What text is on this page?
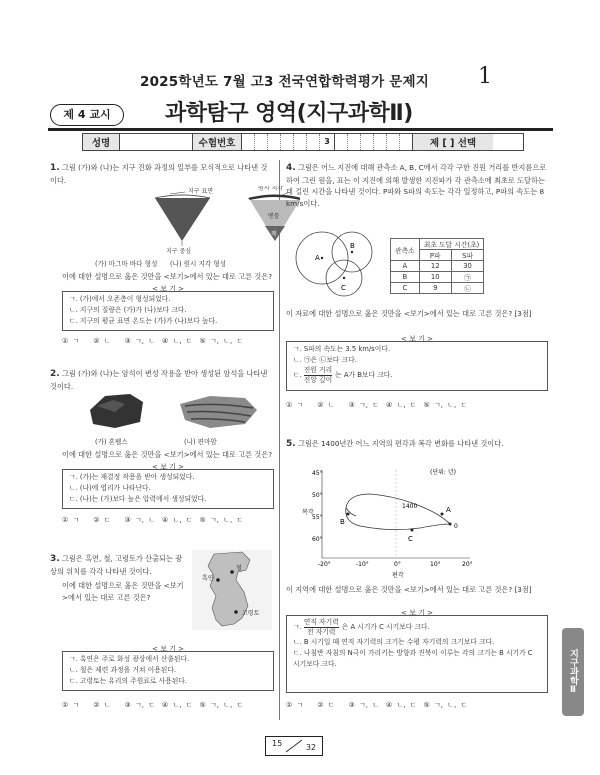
2025학년도 7월 고3 전국연합학력평가 문제지 1
제 4 교시	과학탐구 영역(지구과학Ⅱ)
성명	수험번호	3	제 [ ] 선택
1. 그림 (가)와 (나)는 지구 진화 과정의 일부를 모식적으로 나타낸 것이다.
지구 표면	원시 지각
맨틀
핵
지구 중심
(가) 마그마 바다 형성 (나) 원시 지각 형성
이에 대한 설명으로 옳은 것만을 <보기>에서 있는 대로 고른 것은?
< 보 기 >
ㄱ. (가)에서 오존층이 형성되었다.
ㄴ. 지구의 질량은 (가)가 (나)보다 크다.
ㄷ. 지구의 평균 표면 온도는 (가)가 (나)보다 높다.
① ㄱ　　② ㄴ　　③ ㄱ, ㄴ　④ ㄴ, ㄷ　⑤ ㄱ, ㄴ, ㄷ
2. 그림 (가)와 (나)는 암석이 변성 작용을 받아 생성된 암석을 나타낸 것이다.
(가) 혼펠스	(나) 편마암
이에 대한 설명으로 옳은 것만을 <보기>에서 있는 대로 고른 것은?
< 보 기 >
ㄱ. (가)는 재결정 작용을 받아 생성되었다.
ㄴ. (나)에 엽리가 나타난다.
ㄷ. (나)는 (가)보다 높은 압력에서 생성되었다.
① ㄱ　　② ㄷ　　③ ㄱ, ㄴ　④ ㄴ, ㄷ　⑤ ㄱ, ㄴ, ㄷ
3. 그림은 흑연, 철, 고령토가 산출되는 광상의 위치를 각각 나타낸 것이다.
이에 대한 설명으로 옳은 것만을 <보기>에서 있는 대로 고른 것은?
철
흑연
고령토
< 보 기 >
ㄱ. 흑연은 주로 화성 광상에서 산출된다.
ㄴ. 철은 제련 과정을 거쳐 이용된다.
ㄷ. 고령토는 유리의 주원료로 사용된다.
① ㄱ　　② ㄴ　　③ ㄱ, ㄷ　④ ㄴ, ㄷ　⑤ ㄱ, ㄴ, ㄷ
4. 그림은 어느 지진에 대해 관측소 A, B, C에서 각각 구한 진원 거리를 반지름으로 하여 그린 원을, 표는 이 지진에 의해 발생한 지진파가 각 관측소에 최초로 도달하는 데 걸린 시간을 나타낸 것이다. P파와 S파의 속도는 각각 일정하고, P파의 속도는 8 km/s이다.
A
B
C
관측소	최초 도달 시간(초)	
	P파	S파
A	12	30
B	10	㉠
C	9	㉡
이 자료에 대한 설명으로 옳은 것만을 <보기>에서 있는 대로 고른 것은? [3점]
< 보 기 >
ㄱ. S파의 속도는 3.5 km/s이다.
ㄴ. ㉠은 ㉡보다 크다.
ㄷ.
진원 거리
진앙 깊이
는 A가 B보다 크다.
① ㄱ　　② ㄴ　　③ ㄱ, ㄷ　④ ㄴ, ㄷ　⑤ ㄱ, ㄴ, ㄷ
5. 그림은 1400년간 어느 지역의 편각과 복각 변화를 나타낸 것이다.
(단위: 년)
45°
50°
55°
60°
복각
-20°	-10°	0°	10°	20°
편각
A
B
C
1400
0
이 지역에 대한 설명으로 옳은 것만을 <보기>에서 있는 대로 고른 것은? [3점]
< 보 기 >
ㄱ.
연직 자기력
전 자기력
은 A 시기가 C 시기보다 크다.
ㄴ. B 시기일 때 연직 자기력의 크기는 수평 자기력의 크기보다 크다.
ㄷ. 나침반 자침의 N극이 가리키는 방향과 진북이 이루는 각의 크기는 B 시기가 C 시기보다 크다.
① ㄱ　　② ㄷ　　③ ㄱ, ㄴ　④ ㄴ, ㄷ　⑤ ㄱ, ㄴ, ㄷ
지구과학Ⅱ
15	32
